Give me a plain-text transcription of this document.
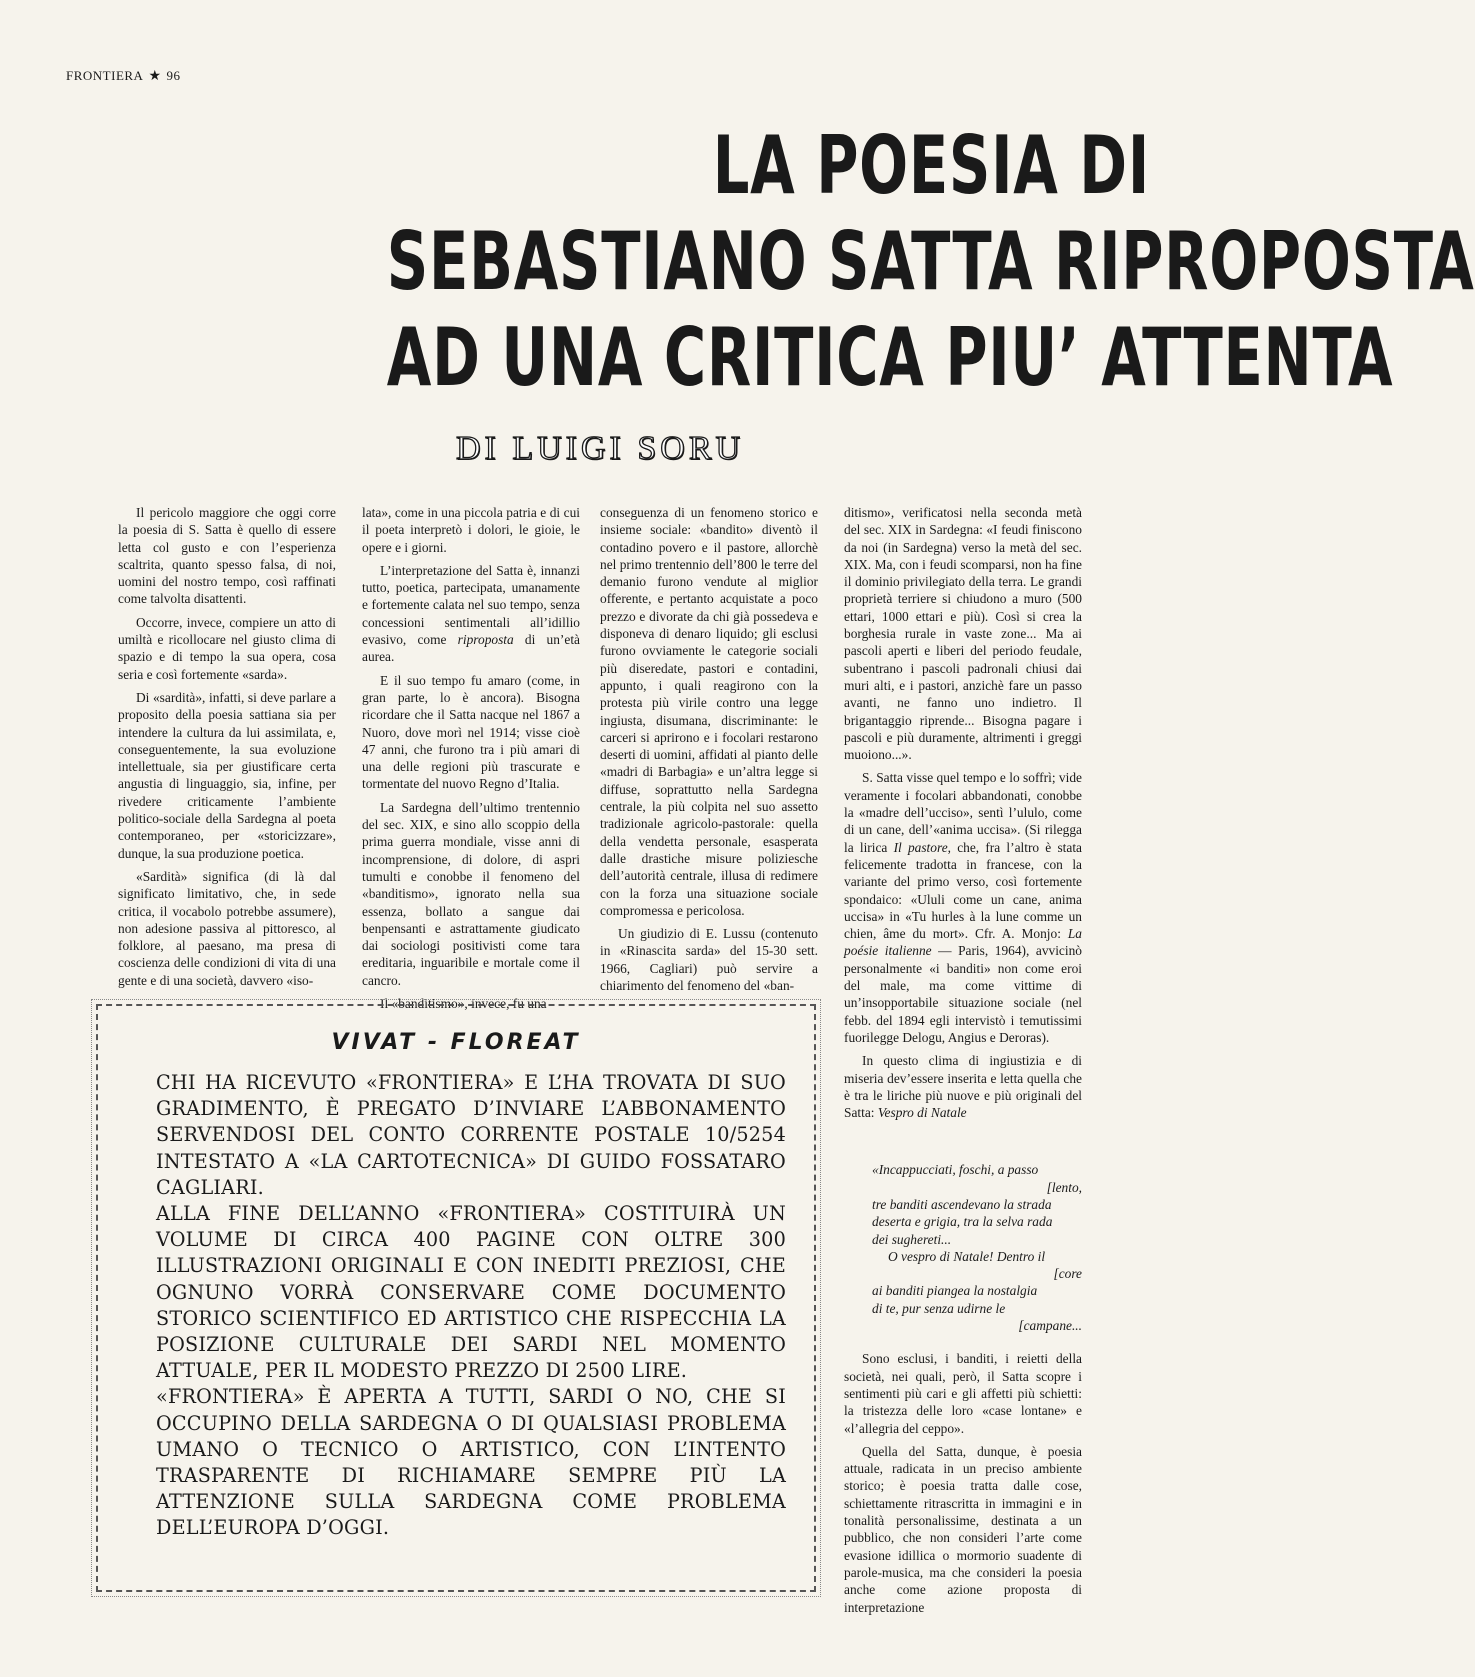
FRONTIERA ★ 96
LA POESIA DI
SEBASTIANO SATTA RIPROPOSTA
AD UNA CRITICA PIU’ ATTENTA
DI LUIGI SORU

Il pericolo maggiore che oggi corre la poesia di S. Satta è quello di essere letta col gusto e con l’esperienza scaltrita, quanto spesso falsa, di noi, uomini del nostro tempo, così raffinati come talvolta disattenti.

Occorre, invece, compiere un atto di umiltà e ricollocare nel giusto clima di spazio e di tempo la sua opera, cosa seria e così fortemente «sarda».

Di «sardità», infatti, si deve parlare a proposito della poesia sattiana sia per intendere la cultura da lui assimilata, e, conseguentemente, la sua evoluzione intellettuale, sia per giustificare certa angustia di linguaggio, sia, infine, per rivedere criticamente l’ambiente politico-sociale della Sardegna al poeta contemporaneo, per «storicizzare», dunque, la sua produzione poetica.

«Sardità» significa (di là dal significato limitativo, che, in sede critica, il vocabolo potrebbe assumere), non adesione passiva al pittoresco, al folklore, al paesano, ma presa di coscienza delle condizioni di vita di una gente e di una società, davvero «iso-

lata», come in una piccola patria e di cui il poeta interpretò i dolori, le gioie, le opere e i giorni.

L’interpretazione del Satta è, innanzi tutto, poetica, partecipata, umanamente e fortemente calata nel suo tempo, senza concessioni sentimentali all’idillio evasivo, come riproposta di un’età aurea.

E il suo tempo fu amaro (come, in gran parte, lo è ancora). Bisogna ricordare che il Satta nacque nel 1867 a Nuoro, dove morì nel 1914; visse cioè 47 anni, che furono tra i più amari di una delle regioni più trascurate e tormentate del nuovo Regno d’Italia.

La Sardegna dell’ultimo trentennio del sec. XIX, e sino allo scoppio della prima guerra mondiale, visse anni di incomprensione, di dolore, di aspri tumulti e conobbe il fenomeno del «banditismo», ignorato nella sua essenza, bollato a sangue dai benpensanti e astrattamente giudicato dai sociologi positivisti come tara ereditaria, inguaribile e mortale come il cancro.

Il «banditismo», invece, fu una

conseguenza di un fenomeno storico e insieme sociale: «bandito» diventò il contadino povero e il pastore, allorchè nel primo trentennio dell’800 le terre del demanio furono vendute al miglior offerente, e pertanto acquistate a poco prezzo e divorate da chi già possedeva e disponeva di denaro liquido; gli esclusi furono ovviamente le categorie sociali più diseredate, pastori e contadini, appunto, i quali reagirono con la protesta più virile contro una legge ingiusta, disumana, discriminante: le carceri si aprirono e i focolari restarono deserti di uomini, affidati al pianto delle «madri di Barbagia» e un’altra legge si diffuse, soprattutto nella Sardegna centrale, la più colpita nel suo assetto tradizionale agricolo-pastorale: quella della vendetta personale, esasperata dalle drastiche misure poliziesche dell’autorità centrale, illusa di redimere con la forza una situazione sociale compromessa e pericolosa.

Un giudizio di E. Lussu (contenuto in «Rinascita sarda» del 15-30 sett. 1966, Cagliari) può servire a chiarimento del fenomeno del «ban-

ditismo», verificatosi nella seconda metà del sec. XIX in Sardegna: «I feudi finiscono da noi (in Sardegna) verso la metà del sec. XIX. Ma, con i feudi scomparsi, non ha fine il dominio privilegiato della terra. Le grandi proprietà terriere si chiudono a muro (500 ettari, 1000 ettari e più). Così si crea la borghesia rurale in vaste zone... Ma ai pascoli aperti e liberi del periodo feudale, subentrano i pascoli padronali chiusi dai muri alti, e i pastori, anzichè fare un passo avanti, ne fanno uno indietro. Il brigantaggio riprende... Bisogna pagare i pascoli e più duramente, altrimenti i greggi muoiono...».

S. Satta visse quel tempo e lo soffrì; vide veramente i focolari abbandonati, conobbe la «madre dell’ucciso», sentì l’ululo, come di un cane, dell’«anima uccisa». (Si rilegga la lirica Il pastore, che, fra l’altro è stata felicemente tradotta in francese, con la variante del primo verso, così fortemente spondaico: «Ululi come un cane, anima uccisa» in «Tu hurles à la lune comme un chien, âme du mort». Cfr. A. Monjo: La poésie italienne — Paris, 1964), avvicinò personalmente «i banditi» non come eroi del male, ma come vittime di un’insopportabile situazione sociale (nel febb. del 1894 egli intervistò i temutissimi fuorilegge Delogu, Angius e Deroras).

In questo clima di ingiustizia e di miseria dev’essere inserita e letta quella che è tra le liriche più nuove e più originali del Satta: Vespro di Natale

«Incappucciati, foschi, a passo
[lento,
tre banditi ascendevano la strada
deserta e grigia, tra la selva rada
dei sughereti...
O vespro di Natale! Dentro il
[core
ai banditi piangea la nostalgia
di te, pur senza udirne le
[campane...

Sono esclusi, i banditi, i reietti della società, nei quali, però, il Satta scopre i sentimenti più cari e gli affetti più schietti: la tristezza delle loro «case lontane» e «l’allegria del ceppo».

Quella del Satta, dunque, è poesia attuale, radicata in un preciso ambiente storico; è poesia tratta dalle cose, schiettamente ritrascritta in immagini e in tonalità personalissime, destinata a un pubblico, che non consideri l’arte come evasione idillica o mormorio suadente di parole-musica, ma che consideri la poesia anche come azione proposta di interpretazione

VIVAT - FLOREAT

CHI HA RICEVUTO «FRONTIERA» E L’HA TROVATA DI SUO GRADIMENTO, È PREGATO D’INVIARE L’ABBONAMENTO SERVENDOSI DEL CONTO CORRENTE POSTALE 10/5254 INTESTATO A «LA CARTOTECNICA» DI GUIDO FOSSATARO CAGLIARI.

ALLA FINE DELL’ANNO «FRONTIERA» COSTITUIRÀ UN VOLUME DI CIRCA 400 PAGINE CON OLTRE 300 ILLUSTRAZIONI ORIGINALI E CON INEDITI PREZIOSI, CHE OGNUNO VORRÀ CONSERVARE COME DOCUMENTO STORICO SCIENTIFICO ED ARTISTICO CHE RISPECCHIA LA POSIZIONE CULTURALE DEI SARDI NEL MOMENTO ATTUALE, PER IL MODESTO PREZZO DI 2500 LIRE.

«FRONTIERA» È APERTA A TUTTI, SARDI O NO, CHE SI OCCUPINO DELLA SARDEGNA O DI QUALSIASI PROBLEMA UMANO O TECNICO O ARTISTICO, CON L’INTENTO TRASPARENTE DI RICHIAMARE SEMPRE PIÙ LA ATTENZIONE SULLA SARDEGNA COME PROBLEMA DELL’EUROPA D’OGGI.
